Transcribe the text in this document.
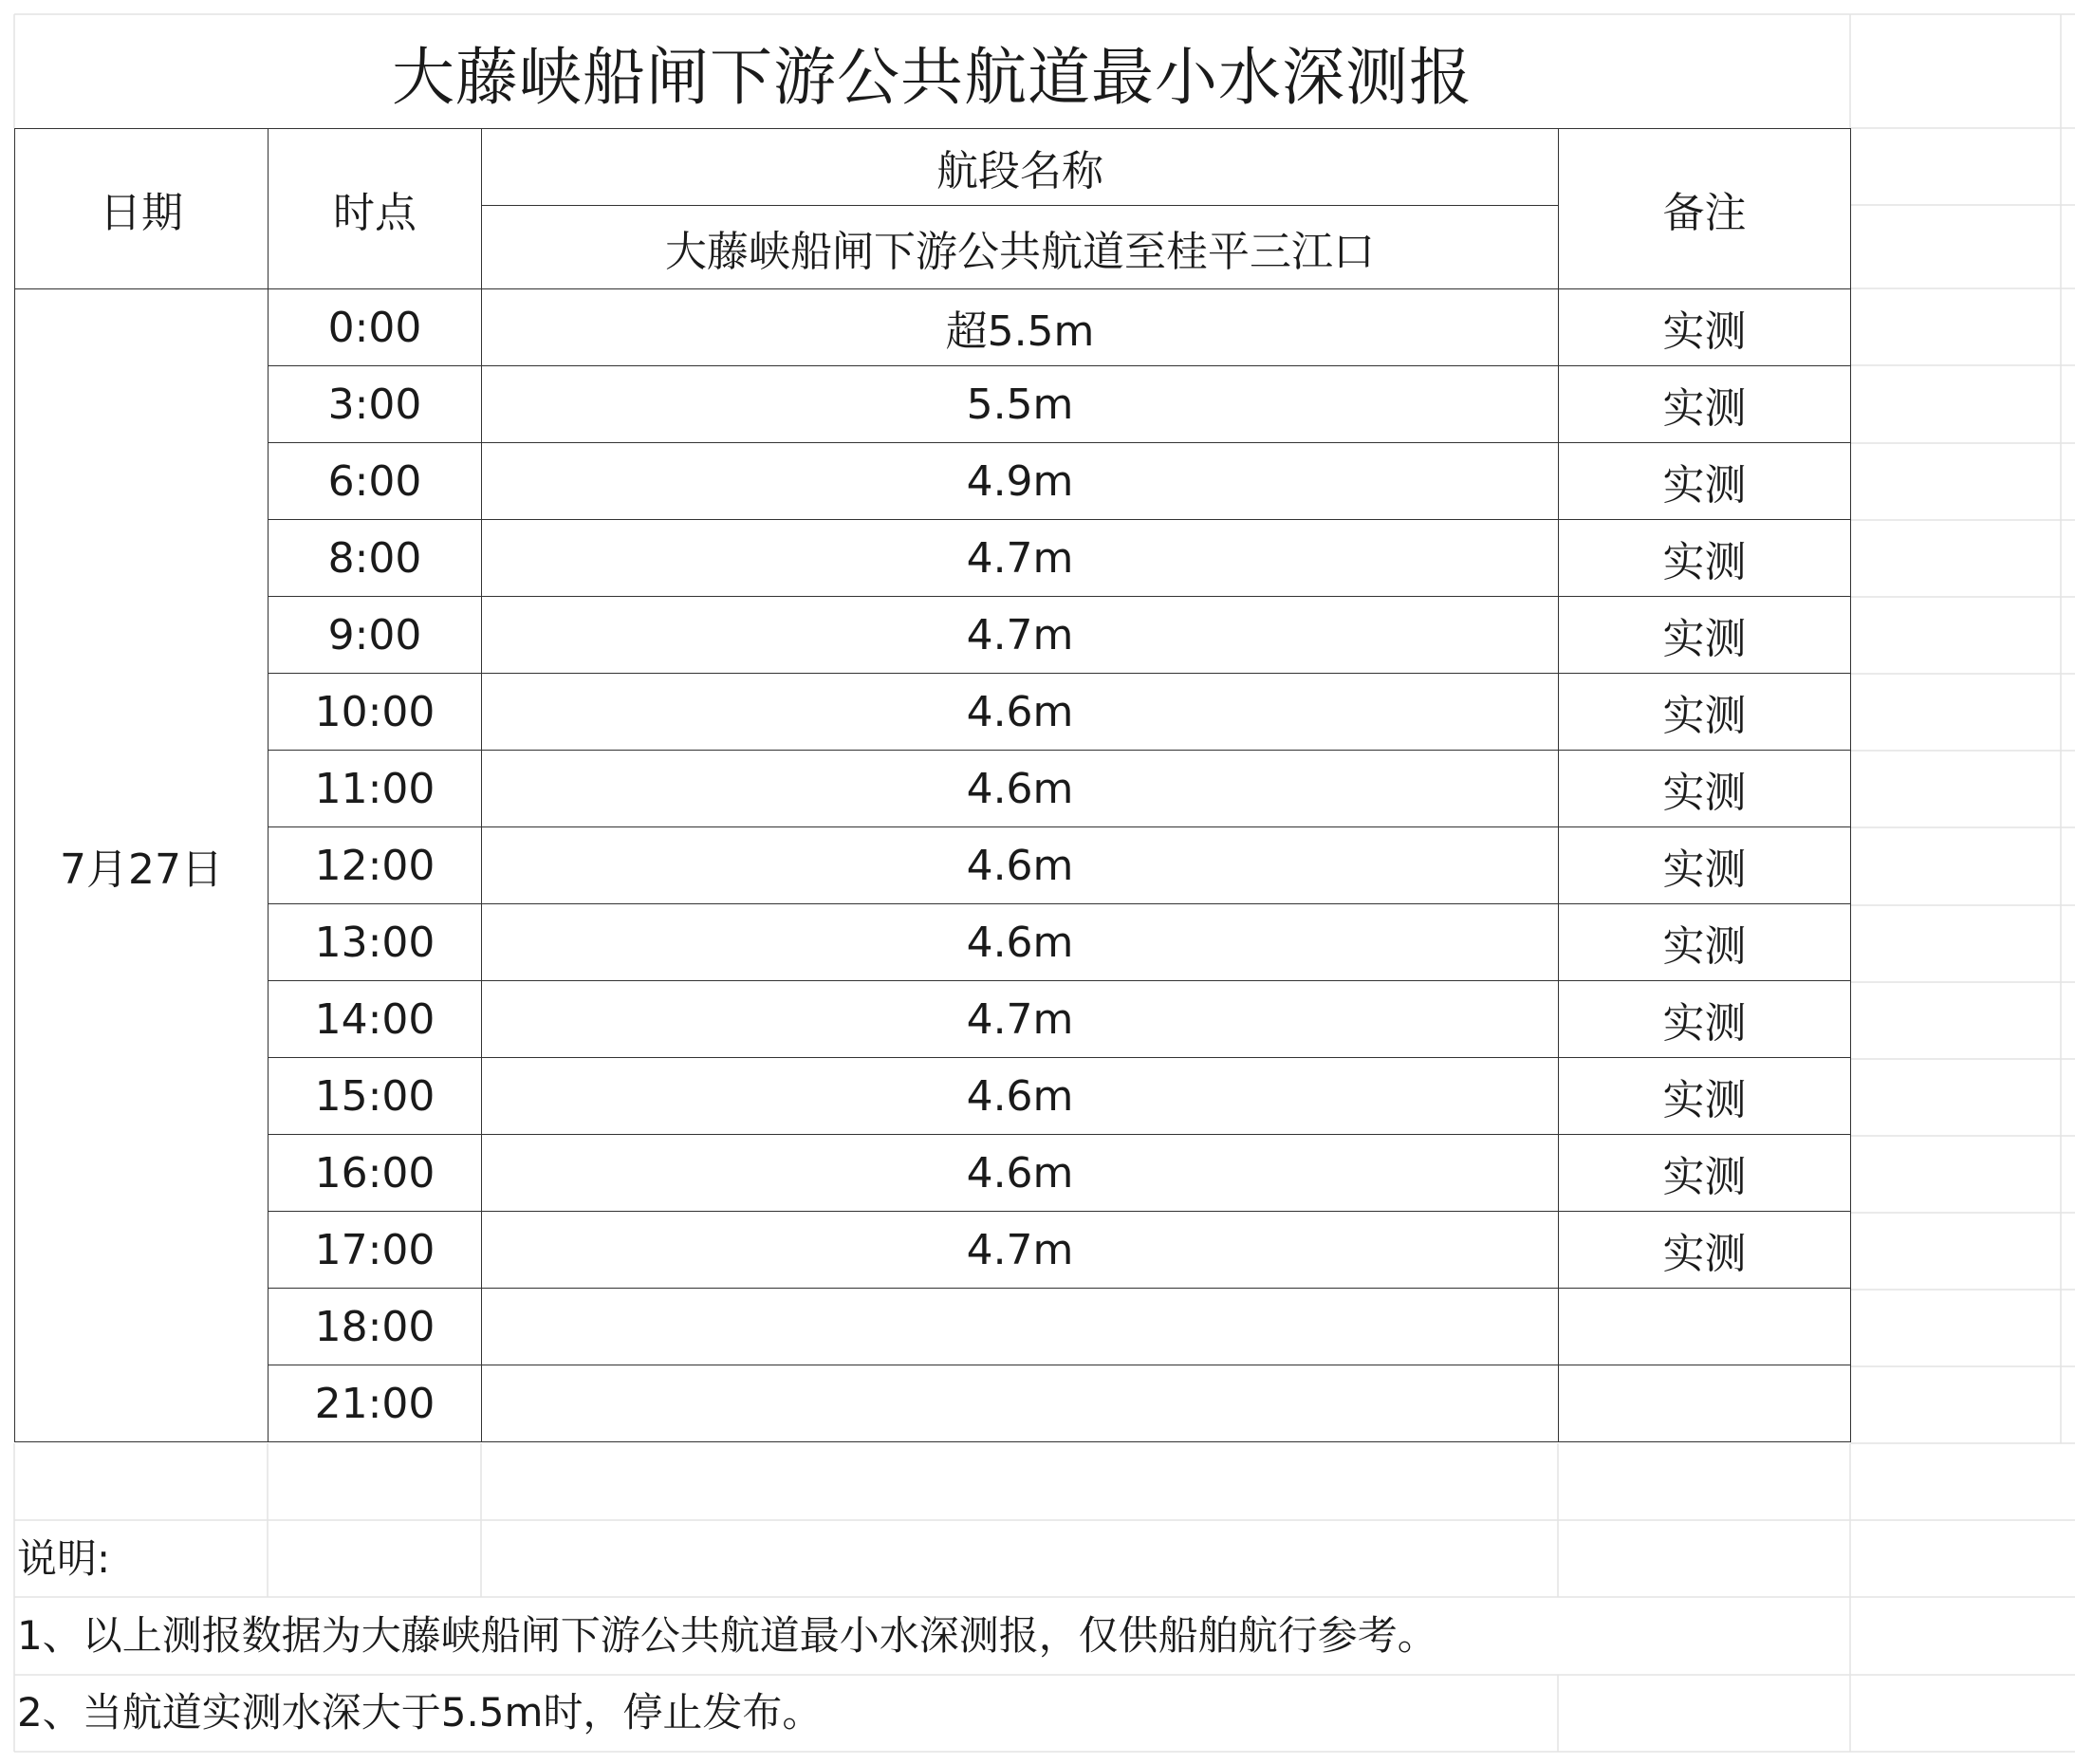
大藤峡船闸下游公共航道最小水深测报
日期	时点	航段名称	备注
		大藤峡船闸下游公共航道至桂平三江口	
7月27日	0:00	超5.5m	实测
	3:00	5.5m	实测
	6:00	4.9m	实测
	8:00	4.7m	实测
	9:00	4.7m	实测
	10:00	4.6m	实测
	11:00	4.6m	实测
	12:00	4.6m	实测
	13:00	4.6m	实测
	14:00	4.7m	实测
	15:00	4.6m	实测
	16:00	4.6m	实测
	17:00	4.7m	实测
	18:00		
	21:00		
说明:
1、以上测报数据为大藤峡船闸下游公共航道最小水深测报，仅供船舶航行参考。
2、当航道实测水深大于5.5m时，停止发布。
